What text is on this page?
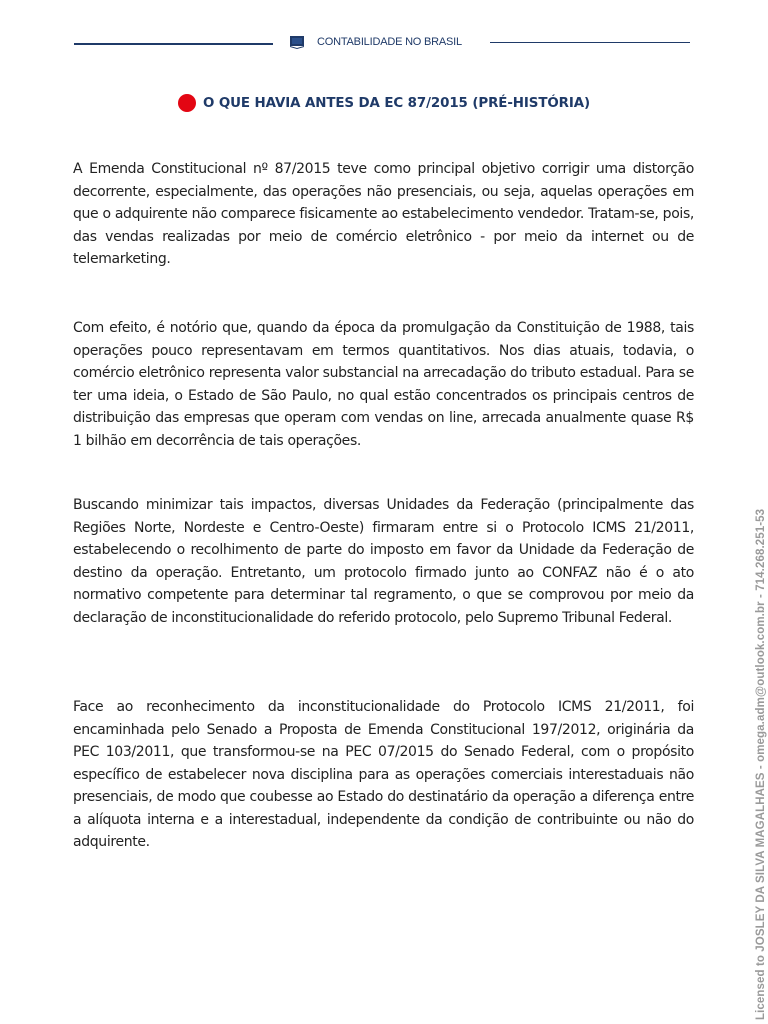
CONTABILIDADE NO BRASIL
O QUE HAVIA ANTES DA EC 87/2015 (PRÉ-HISTÓRIA)

A Emenda Constitucional nº 87/2015 teve como principal objetivo corrigir uma distorção decorrente, especialmente, das operações não presenciais, ou seja, aquelas operações em que o adquirente não comparece fisicamente ao estabelecimento vendedor. Tratam-se, pois, das vendas realizadas por meio de comércio eletrônico - por meio da internet ou de telemarketing.

Com efeito, é notório que, quando da época da promulgação da Constituição de 1988, tais operações pouco representavam em termos quantitativos. Nos dias atuais, todavia, o comércio eletrônico representa valor substancial na arrecadação do tributo estadual. Para se ter uma ideia, o Estado de São Paulo, no qual estão concentrados os principais centros de distribuição das empresas que operam com vendas on line, arrecada anualmente quase R$ 1 bilhão em decorrência de tais operações.

Buscando minimizar tais impactos, diversas Unidades da Federação (principalmente das Regiões Norte, Nordeste e Centro-Oeste) firmaram entre si o Protocolo ICMS 21/2011, estabelecendo o recolhimento de parte do imposto em favor da Unidade da Federação de destino da operação. Entretanto, um protocolo firmado junto ao CONFAZ não é o ato normativo competente para determinar tal regramento, o que se comprovou por meio da declaração de inconstitucionalidade do referido protocolo, pelo Supremo Tribunal Federal.

Face ao reconhecimento da inconstitucionalidade do Protocolo ICMS 21/2011, foi encaminhada pelo Senado a Proposta de Emenda Constitucional 197/2012, originária da PEC 103/2011, que transformou-se na PEC 07/2015 do Senado Federal, com o propósito específico de estabelecer nova disciplina para as operações comerciais interestaduais não presenciais, de modo que coubesse ao Estado do destinatário da operação a diferença entre a alíquota interna e a interestadual, independente da condição de contribuinte ou não do adquirente.	Licensed to JOSLEY DA SILVA MAGALHAES - omega.adm@outlook.com.br - 714.268.251-53
